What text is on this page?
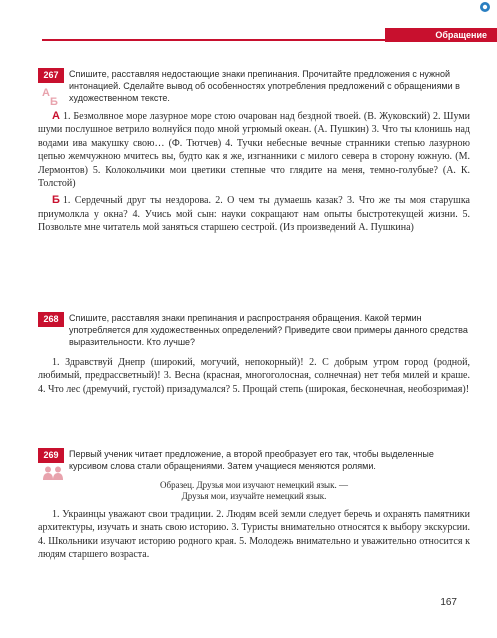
Обращение
267
А
Б
Спишите, расставляя недостающие знаки препинания. Прочитайте предложения с нужной интонацией. Сделайте вывод об особенностях употребления предложений с обращениями в художественном тексте.

А 1. Безмолвное море лазурное море стою очарован над бездной твоей. (В. Жуковский) 2. Шуми шуми послушное ветрило волнуйся подо мной угрюмый океан. (А. Пушкин) 3. Что ты клонишь над водами ива макушку свою… (Ф. Тютчев) 4. Тучки небесные вечные странники степью лазурною цепью жемчужною мчитесь вы, будто как я же, изгнанники с милого севера в сторону южную. (М. Лермонтов) 5. Колокольчики мои цветики степные что глядите на меня, темно-голубые? (А. К. Толстой)

Б 1. Сердечный друг ты нездорова. 2. О чем ты думаешь казак? 3. Что же ты моя старушка приумолкла у окна? 4. Учись мой сын: науки сокращают нам опыты быстротекущей жизни. 5. Позвольте мне читатель мой заняться старшею сестрой. (Из произведений А. Пушкина)

268	Спишите, расставляя знаки препинания и распространяя обращения. Какой термин употребляется для художественных определений? Приведите свои примеры данного средства выразительности. Кто лучше?

1. Здравствуй Днепр (широкий, могучий, непокорный)! 2. С добрым утром город (родной, любимый, предрассветный)! 3. Весна (красная, многоголосная, солнечная) нет тебя милей и краше. 4. Что лес (дремучий, густой) призадумался? 5. Прощай степь (широкая, бесконечная, необозримая)!

269	Первый ученик читает предложение, а второй преобразует его так, чтобы выделенные курсивом слова стали обращениями. Затем учащиеся меняются ролями.
Образец. Друзья мои изучают немецкий язык. —
Друзья мои, изучайте немецкий язык.

1. Украинцы уважают свои традиции. 2. Людям всей земли следует беречь и охранять памятники архитектуры, изучать и знать свою историю. 3. Туристы внимательно относятся к выбору экскурсии. 4. Школьники изучают историю родного края. 5. Молодежь внимательно и уважительно относится к людям старшего возраста.

167
